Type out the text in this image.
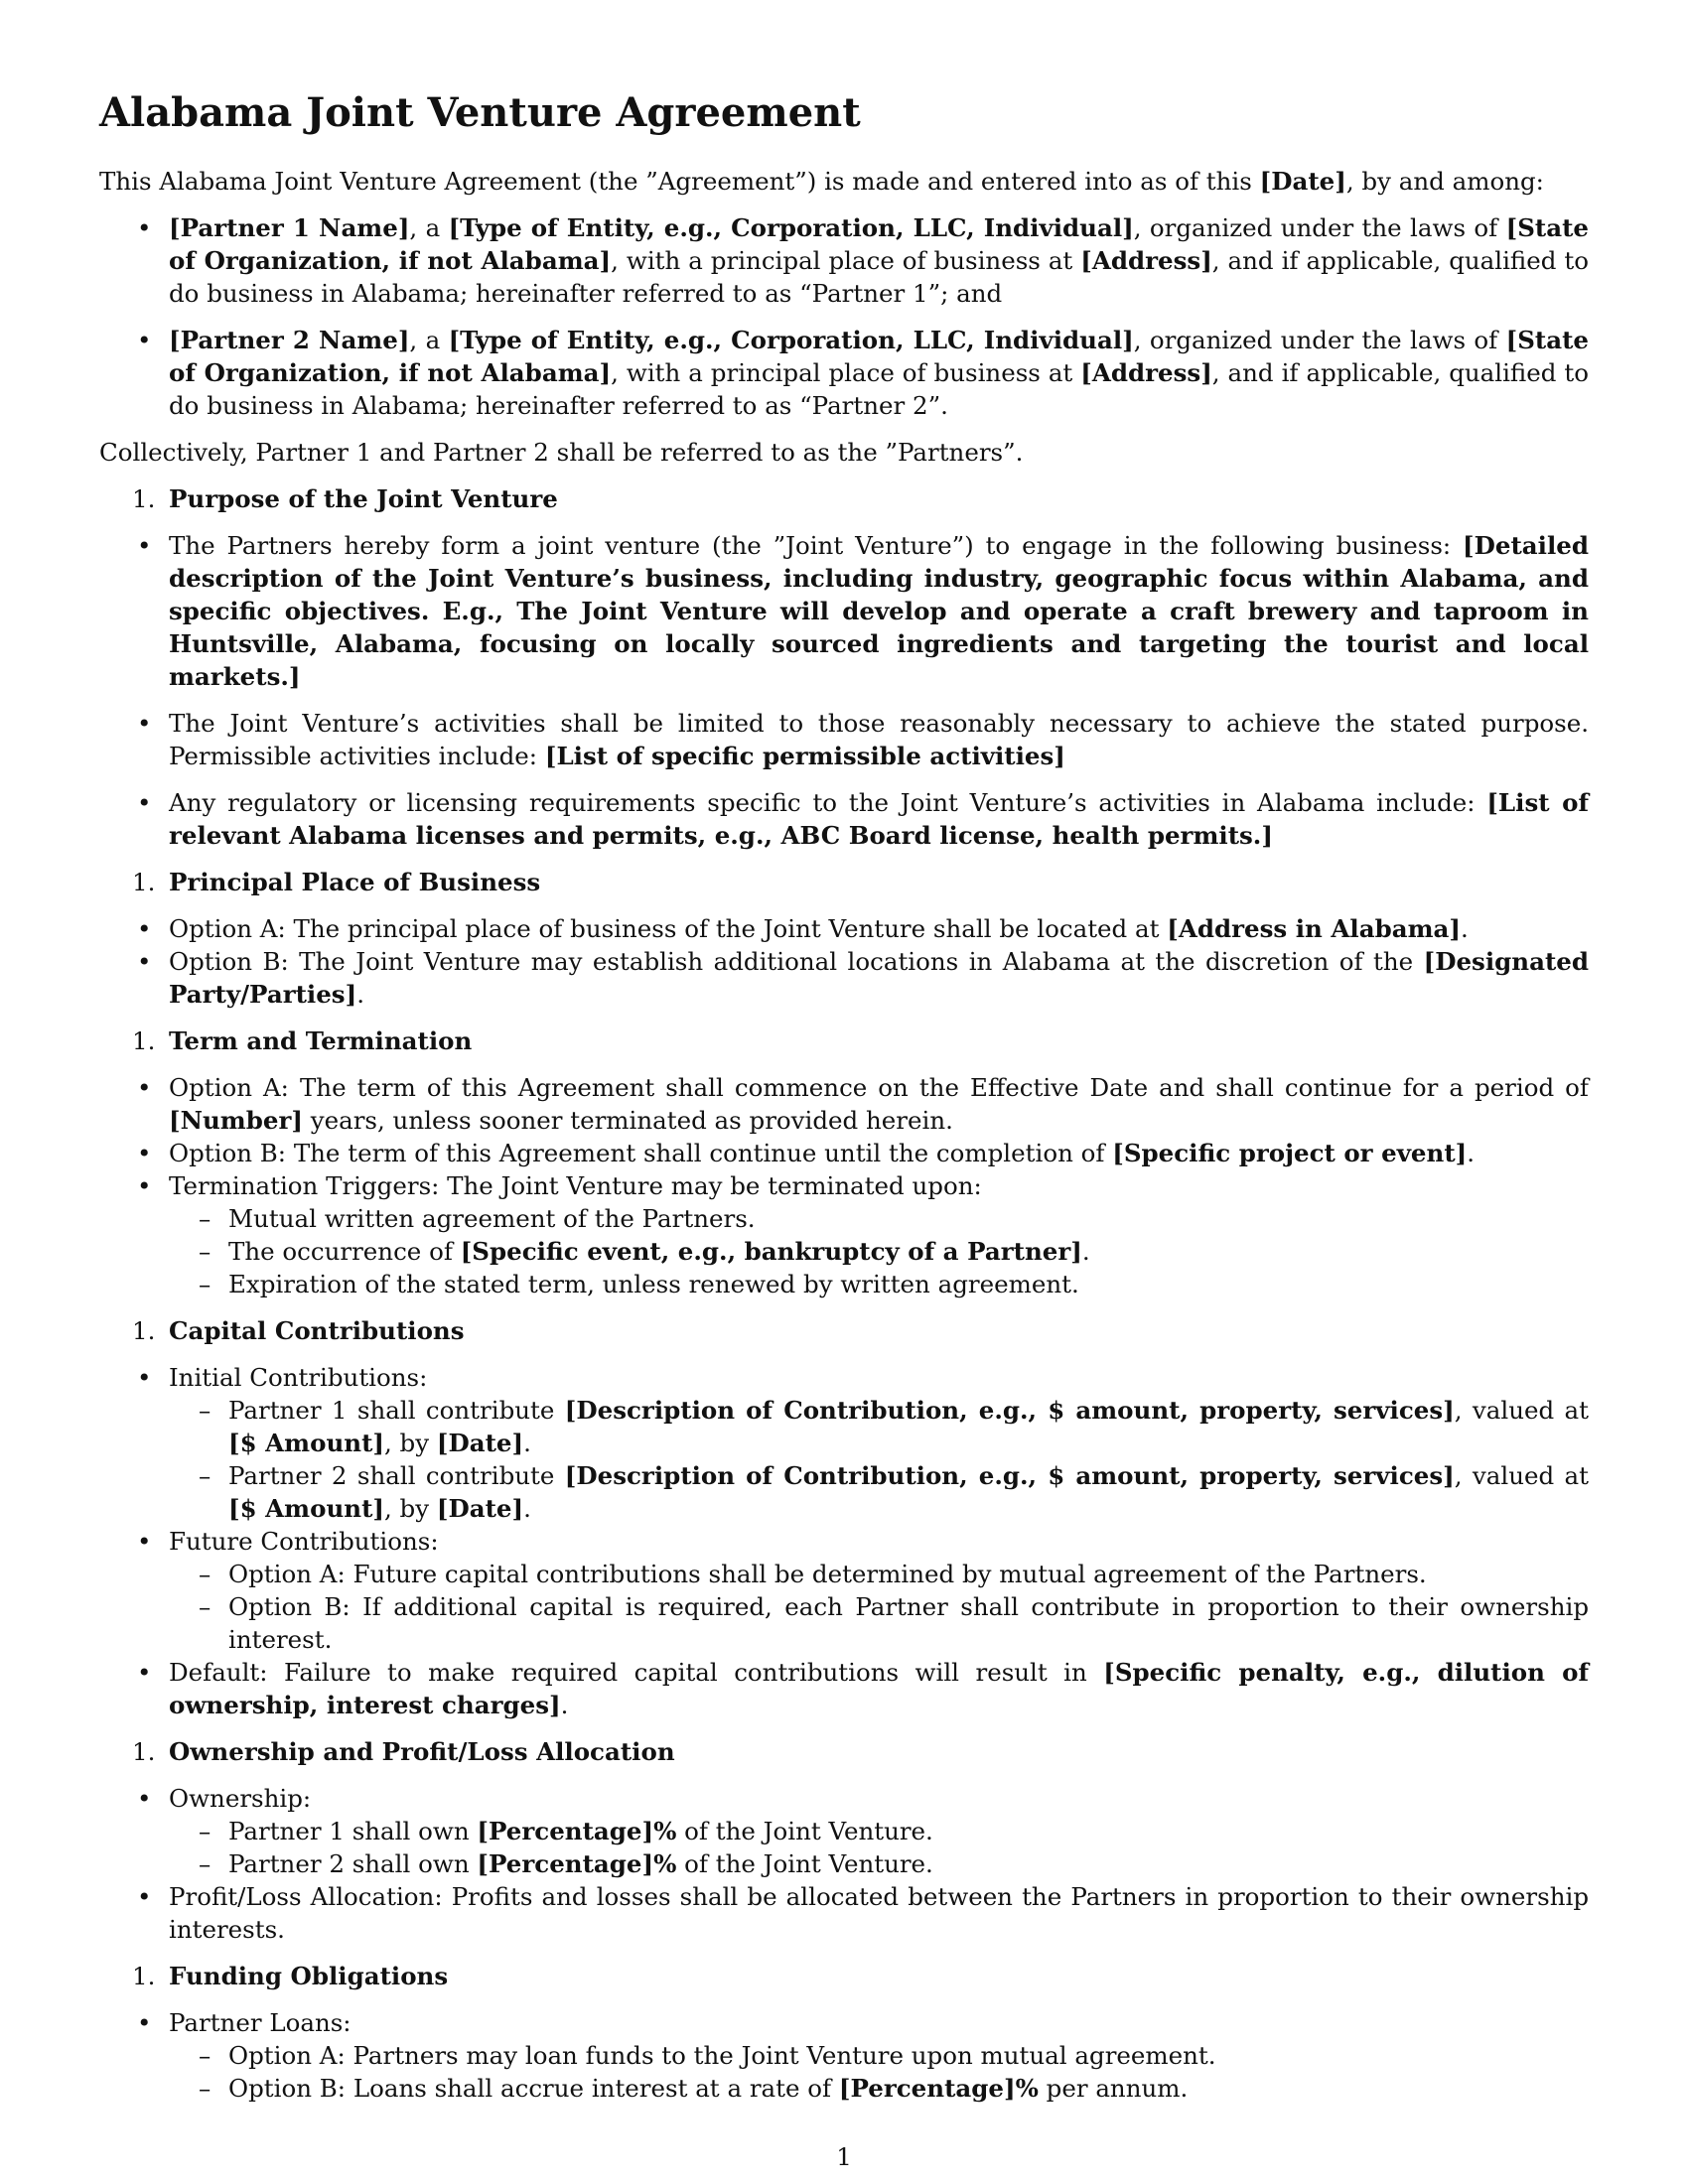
Alabama Joint Venture Agreement

This Alabama Joint Venture Agreement (the ”Agreement”) is made and entered into as of this [Date], by and among:

• [Partner 1 Name], a [Type of Entity, e.g., Corporation, LLC, Individual], organized under the laws of [State of Organization, if not Alabama], with a principal place of business at [Address], and if applicable, qualified to do business in Alabama; hereinafter referred to as “Partner 1”; and
• [Partner 2 Name], a [Type of Entity, e.g., Corporation, LLC, Individual], organized under the laws of [State of Organization, if not Alabama], with a principal place of business at [Address], and if applicable, qualified to do business in Alabama; hereinafter referred to as “Partner 2”.

Collectively, Partner 1 and Partner 2 shall be referred to as the ”Partners”.

1. Purpose of the Joint Venture
• The Partners hereby form a joint venture (the ”Joint Venture”) to engage in the following business: [Detailed description of the Joint Venture’s business, including industry, geographic focus within Alabama, and specific objectives. E.g., The Joint Venture will develop and operate a craft brewery and taproom in Huntsville, Alabama, focusing on locally sourced ingredients and targeting the tourist and local markets.]
• The Joint Venture’s activities shall be limited to those reasonably necessary to achieve the stated purpose. Permissible activities include: [List of specific permissible activities]
• Any regulatory or licensing requirements specific to the Joint Venture’s activities in Alabama include: [List of relevant Alabama licenses and permits, e.g., ABC Board license, health permits.]
1. Principal Place of Business
• Option A: The principal place of business of the Joint Venture shall be located at [Address in Alabama].
• Option B: The Joint Venture may establish additional locations in Alabama at the discretion of the [Designated Party/Parties].
1. Term and Termination
• Option A: The term of this Agreement shall commence on the Effective Date and shall continue for a period of [Number] years, unless sooner terminated as provided herein.
• Option B: The term of this Agreement shall continue until the completion of [Specific project or event].
• Termination Triggers: The Joint Venture may be terminated upon:
– Mutual written agreement of the Partners.
– The occurrence of [Specific event, e.g., bankruptcy of a Partner].
– Expiration of the stated term, unless renewed by written agreement.
1. Capital Contributions
• Initial Contributions:
– Partner 1 shall contribute [Description of Contribution, e.g., $ amount, property, services], valued at [$ Amount], by [Date].
– Partner 2 shall contribute [Description of Contribution, e.g., $ amount, property, services], valued at [$ Amount], by [Date].
• Future Contributions:
– Option A: Future capital contributions shall be determined by mutual agreement of the Partners.
– Option B: If additional capital is required, each Partner shall contribute in proportion to their ownership interest.
• Default: Failure to make required capital contributions will result in [Specific penalty, e.g., dilution of ownership, interest charges].
1. Ownership and Profit/Loss Allocation
• Ownership:
– Partner 1 shall own [Percentage]% of the Joint Venture.
– Partner 2 shall own [Percentage]% of the Joint Venture.
• Profit/Loss Allocation: Profits and losses shall be allocated between the Partners in proportion to their ownership interests.
1. Funding Obligations
• Partner Loans:
– Option A: Partners may loan funds to the Joint Venture upon mutual agreement.
– Option B: Loans shall accrue interest at a rate of [Percentage]% per annum.
1
